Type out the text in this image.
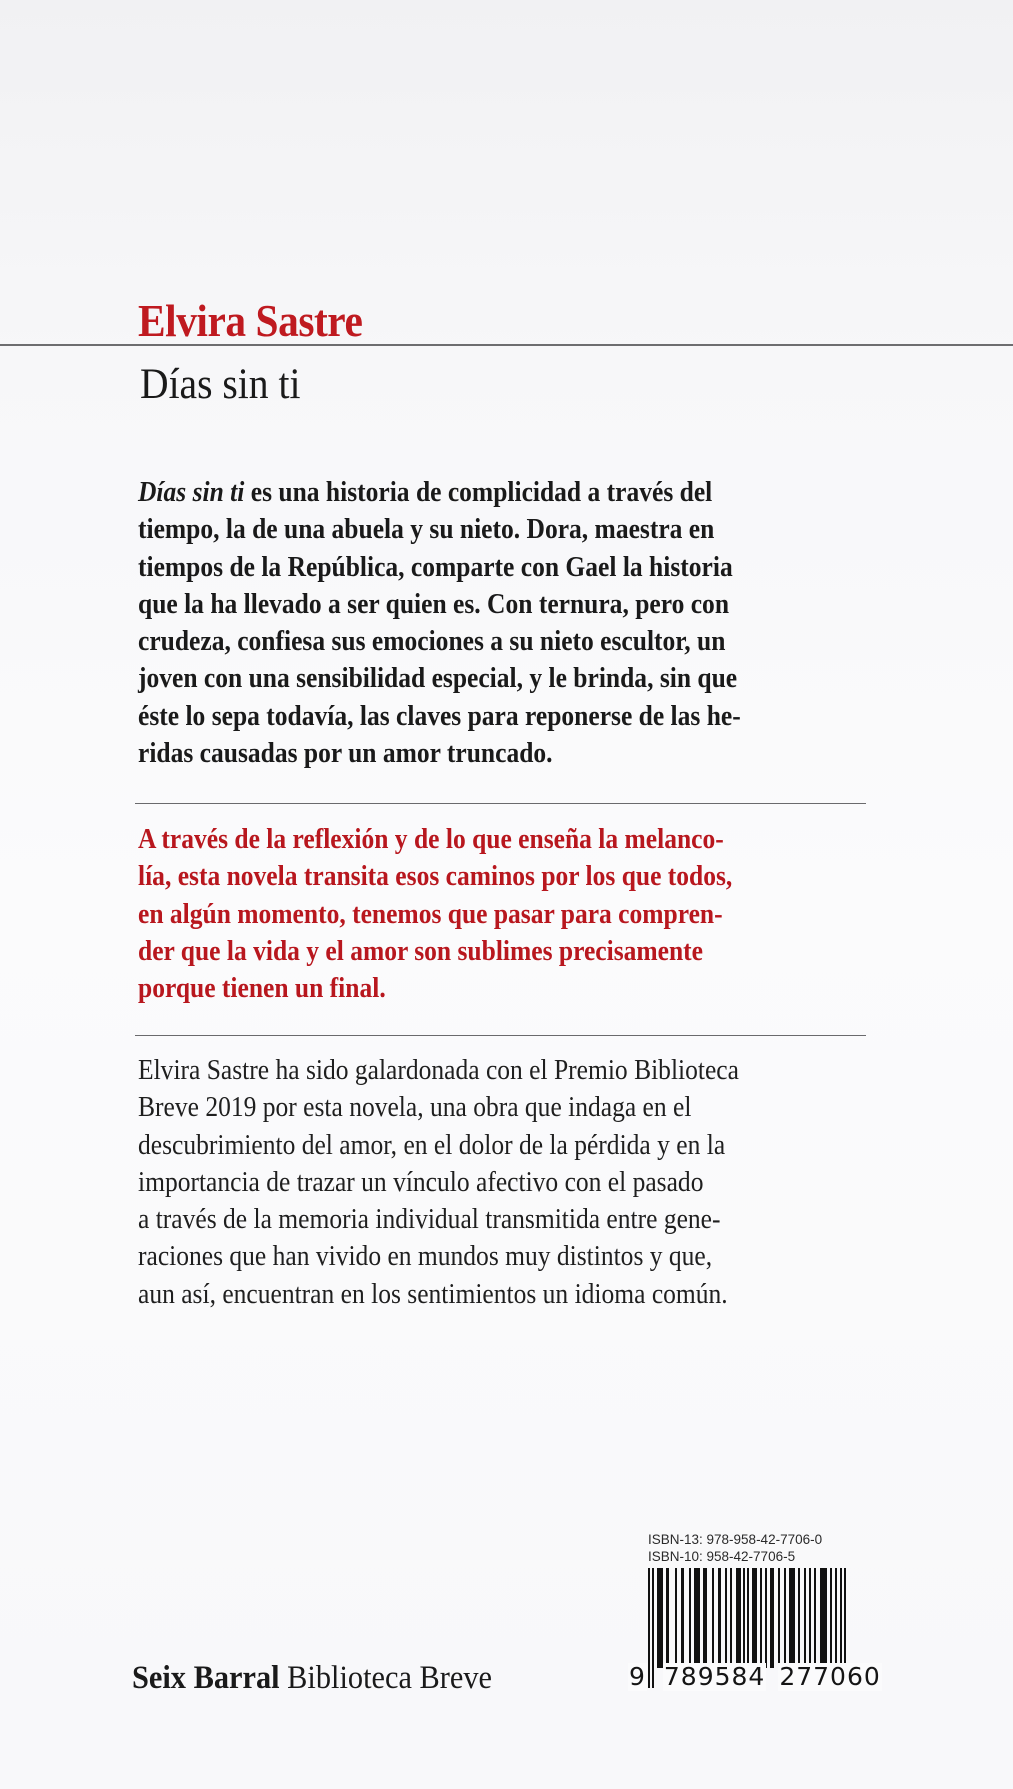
Elvira Sastre
Días sin ti
Días sin ti es una historia de complicidad a través del
tiempo, la de una abuela y su nieto. Dora, maestra en
tiempos de la República, comparte con Gael la historia
que la ha llevado a ser quien es. Con ternura, pero con
crudeza, confiesa sus emociones a su nieto escultor, un
joven con una sensibilidad especial, y le brinda, sin que
éste lo sepa todavía, las claves para reponerse de las he-
ridas causadas por un amor truncado.
A través de la reflexión y de lo que enseña la melanco-
lía, esta novela transita esos caminos por los que todos,
en algún momento, tenemos que pasar para compren-
der que la vida y el amor son sublimes precisamente
porque tienen un final.
Elvira Sastre ha sido galardonada con el Premio Biblioteca
Breve 2019 por esta novela, una obra que indaga en el
descubrimiento del amor, en el dolor de la pérdida y en la
importancia de trazar un vínculo afectivo con el pasado
a través de la memoria individual transmitida entre gene-
raciones que han vivido en mundos muy distintos y que,
aun así, encuentran en los sentimientos un idioma común.
ISBN-13: 978-958-42-7706-0
ISBN-10: 958-42-7706-5
9 789584 277060
Seix Barral Biblioteca Breve
